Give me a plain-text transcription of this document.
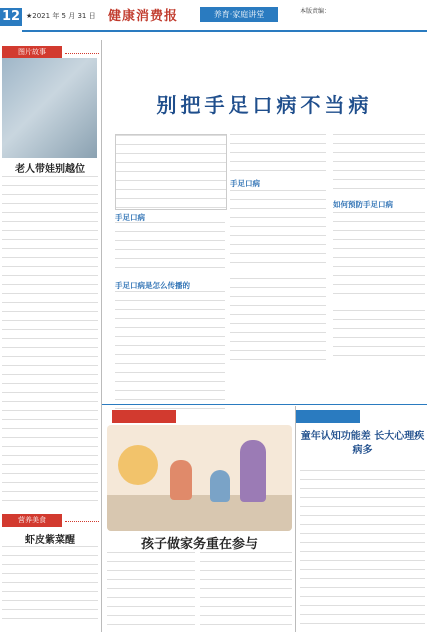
12 ★2021 年 5 月 31 日 健康消费报	养育·家庭讲堂	本版责编：
图片故事
老人带娃别越位
营养美食
虾皮紫菜醒
别把手足口病不当病
手足口病
手足口病是怎么传播的
手足口病
如何预防手足口病
孩子做家务重在参与
童年认知功能差 长大心理疾病多
